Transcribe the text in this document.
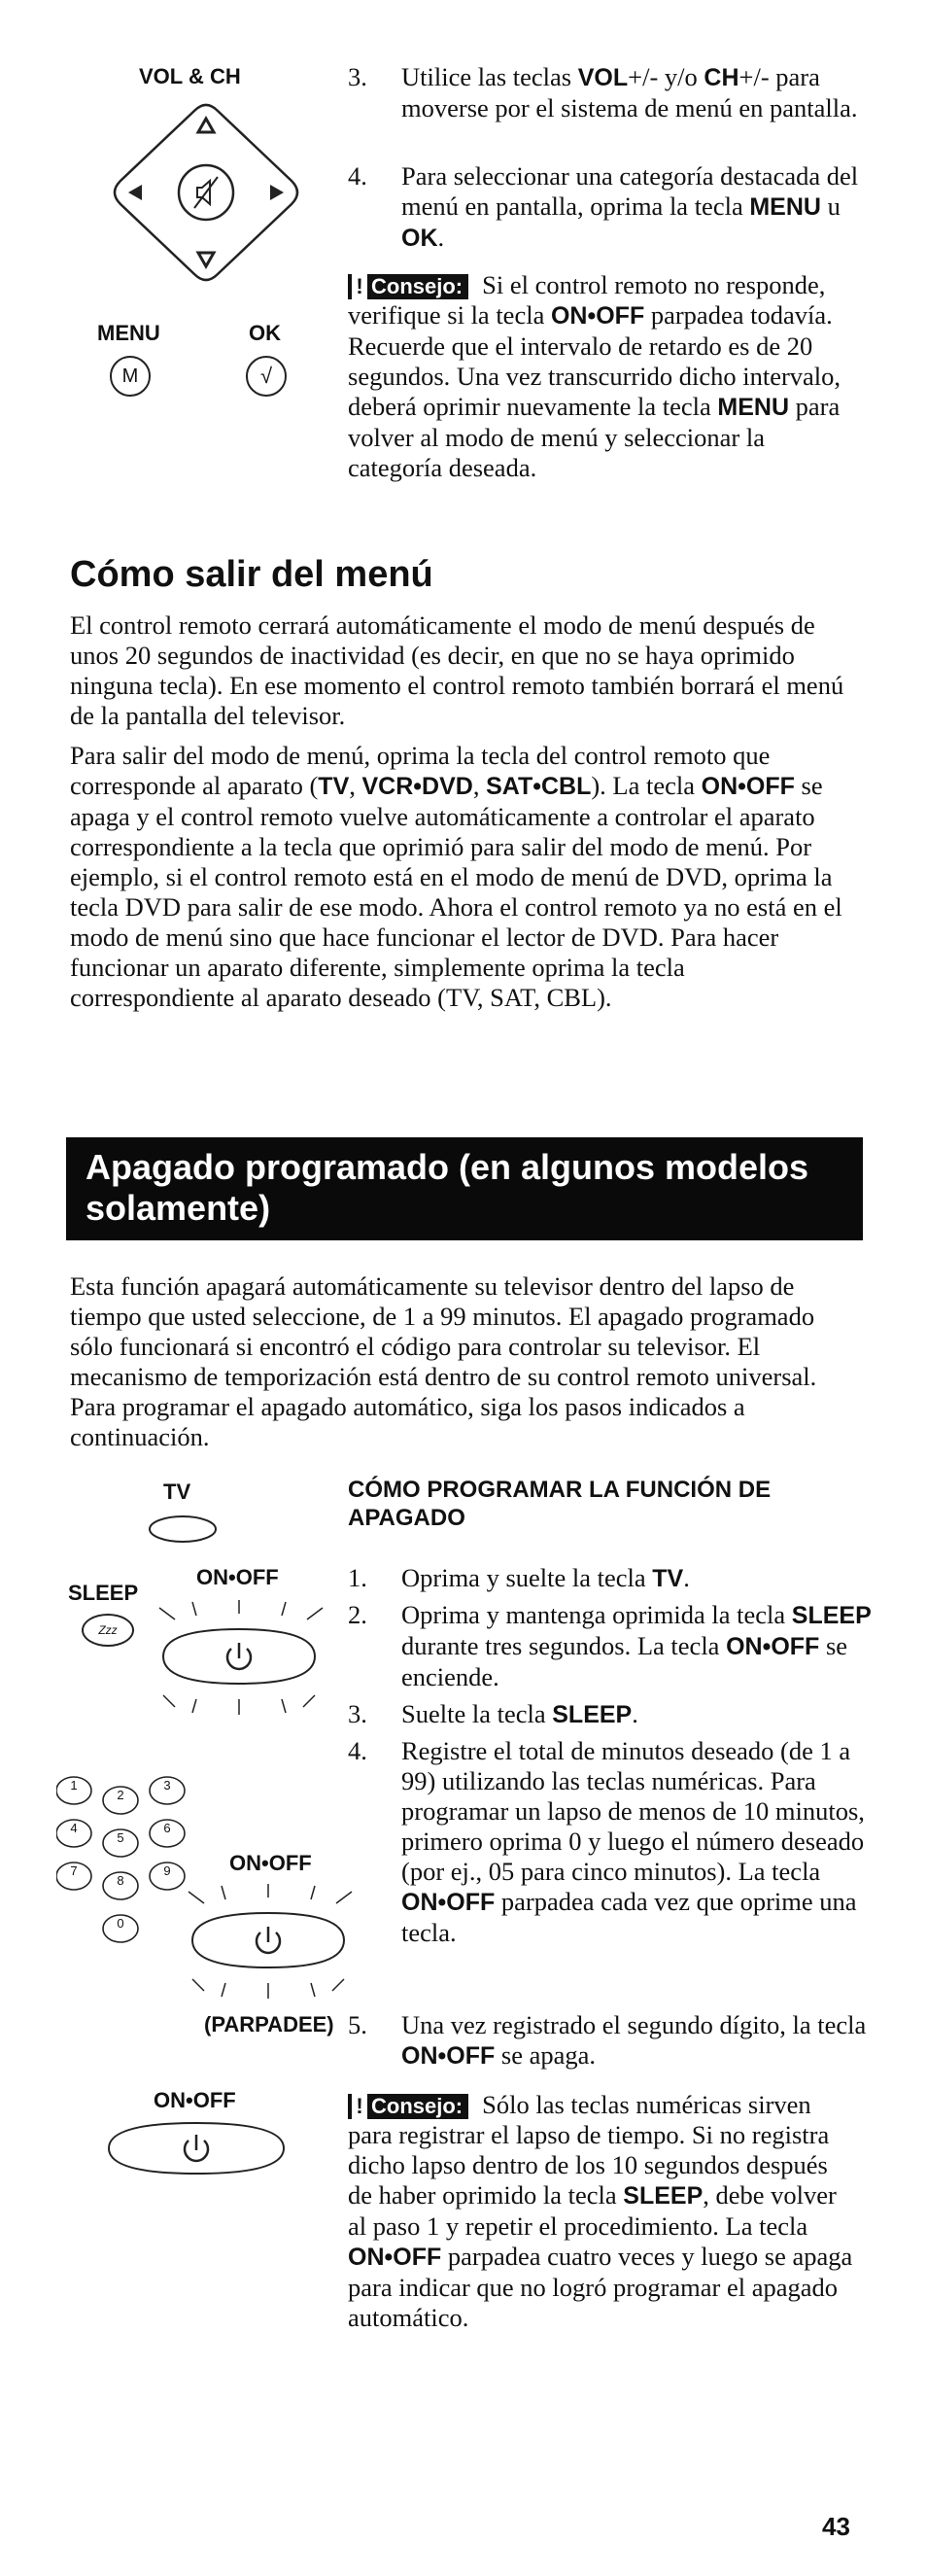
VOL & CH
MENU	OK
M	√
3. Utilice las teclas VOL+/- y/o CH+/- para moverse por el sistema de menú en pantalla.
4. Para seleccionar una categoría destacada del menú en pantalla, oprima la tecla MENU u OK.
! Consejo: Si el control remoto no responde, verifique si la tecla ON•OFF parpadea todavía. Recuerde que el intervalo de retardo es de 20 segundos. Una vez transcurrido dicho intervalo, deberá oprimir nuevamente la tecla MENU para volver al modo de menú y seleccionar la categoría deseada.
Cómo salir del menú

El control remoto cerrará automáticamente el modo de menú después de unos 20 segundos de inactividad (es decir, en que no se haya oprimido ninguna tecla). En ese momento el control remoto también borrará el menú de la pantalla del televisor.

Para salir del modo de menú, oprima la tecla del control remoto que corresponde al aparato (TV, VCR•DVD, SAT•CBL). La tecla ON•OFF se apaga y el control remoto vuelve automáticamente a controlar el aparato correspondiente a la tecla que oprimió para salir del modo de menú. Por ejemplo, si el control remoto está en el modo de menú de DVD, oprima la tecla DVD para salir de ese modo. Ahora el control remoto ya no está en el modo de menú sino que hace funcionar el lector de DVD. Para hacer funcionar un aparato diferente, simplemente oprima la tecla correspondiente al aparato deseado (TV, SAT, CBL).

Apagado programado (en algunos modelos solamente)
Esta función apagará automáticamente su televisor dentro del lapso de tiempo que usted seleccione, de 1 a 99 minutos. El apagado programado sólo funcionará si encontró el código para controlar su televisor. El mecanismo de temporización está dentro de su control remoto universal. Para programar el apagado automático, siga los pasos indicados a continuación.
TV
SLEEP
ON•OFF
Zzz
1
2
3
4
5
6
7
8
9
0
ON•OFF
(PARPADEE)
ON•OFF
CÓMO PROGRAMAR LA FUNCIÓN DE APAGADO
1. Oprima y suelte la tecla TV.
2. Oprima y mantenga oprimida la tecla SLEEP durante tres segundos. La tecla ON•OFF se enciende.
3. Suelte la tecla SLEEP.
4. Registre el total de minutos deseado (de 1 a 99) utilizando las teclas numéricas. Para programar un lapso de menos de 10 minutos, primero oprima 0 y luego el número deseado (por ej., 05 para cinco minutos). La tecla ON•OFF parpadea cada vez que oprime una tecla.
5. Una vez registrado el segundo dígito, la tecla ON•OFF se apaga.
! Consejo: Sólo las teclas numéricas sirven para registrar el lapso de tiempo. Si no registra dicho lapso dentro de los 10 segundos después de haber oprimido la tecla SLEEP, debe volver al paso 1 y repetir el procedimiento. La tecla ON•OFF parpadea cuatro veces y luego se apaga para indicar que no logró programar el apagado automático.
43
